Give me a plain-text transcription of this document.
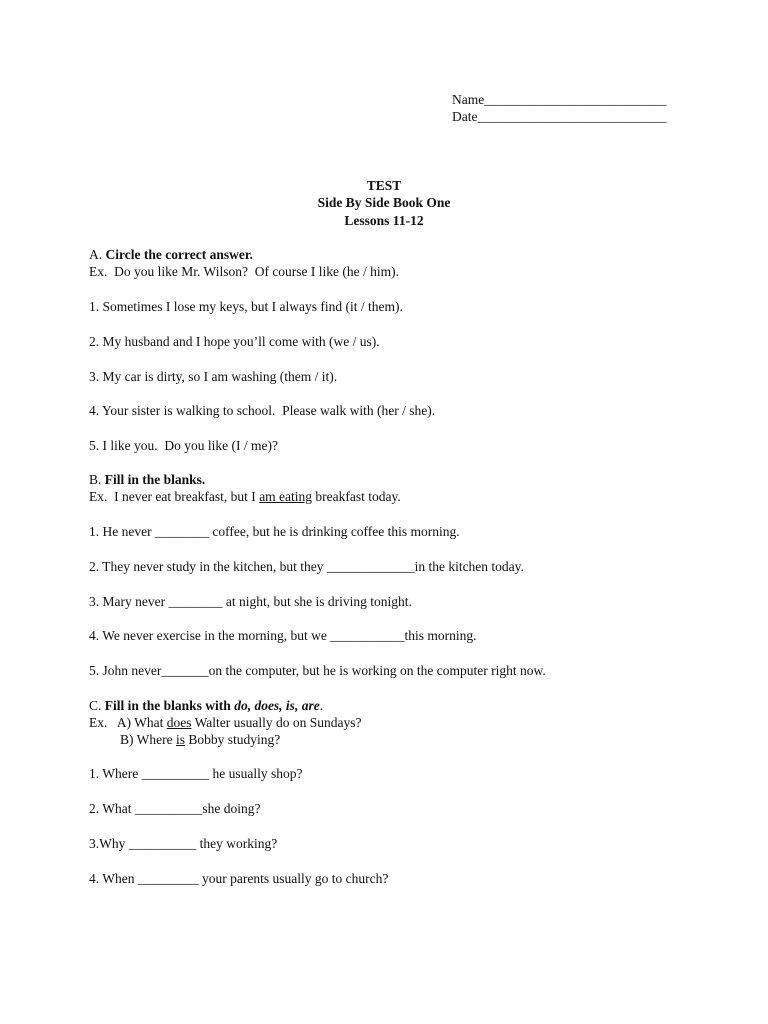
Name___________________________
Date____________________________
TEST
Side By Side Book One
Lessons 11-12
A. Circle the correct answer.
Ex.  Do you like Mr. Wilson?  Of course I like (he / him).
1. Sometimes I lose my keys, but I always find (it / them).
2. My husband and I hope you’ll come with (we / us).
3. My car is dirty, so I am washing (them / it).
4. Your sister is walking to school.  Please walk with (her / she).
5. I like you.  Do you like (I / me)?
B. Fill in the blanks.
Ex.  I never eat breakfast, but I am eating breakfast today.
1. He never ________ coffee, but he is drinking coffee this morning.
2. They never study in the kitchen, but they _____________in the kitchen today.
3. Mary never ________ at night, but she is driving tonight.
4. We never exercise in the morning, but we ___________this morning.
5. John never_______on the computer, but he is working on the computer right now.
C. Fill in the blanks with do, does, is, are.
Ex.   A) What does Walter usually do on Sundays?
B) Where is Bobby studying?
1. Where __________ he usually shop?
2. What __________she doing?
3.Why __________ they working?
4. When _________ your parents usually go to church?
